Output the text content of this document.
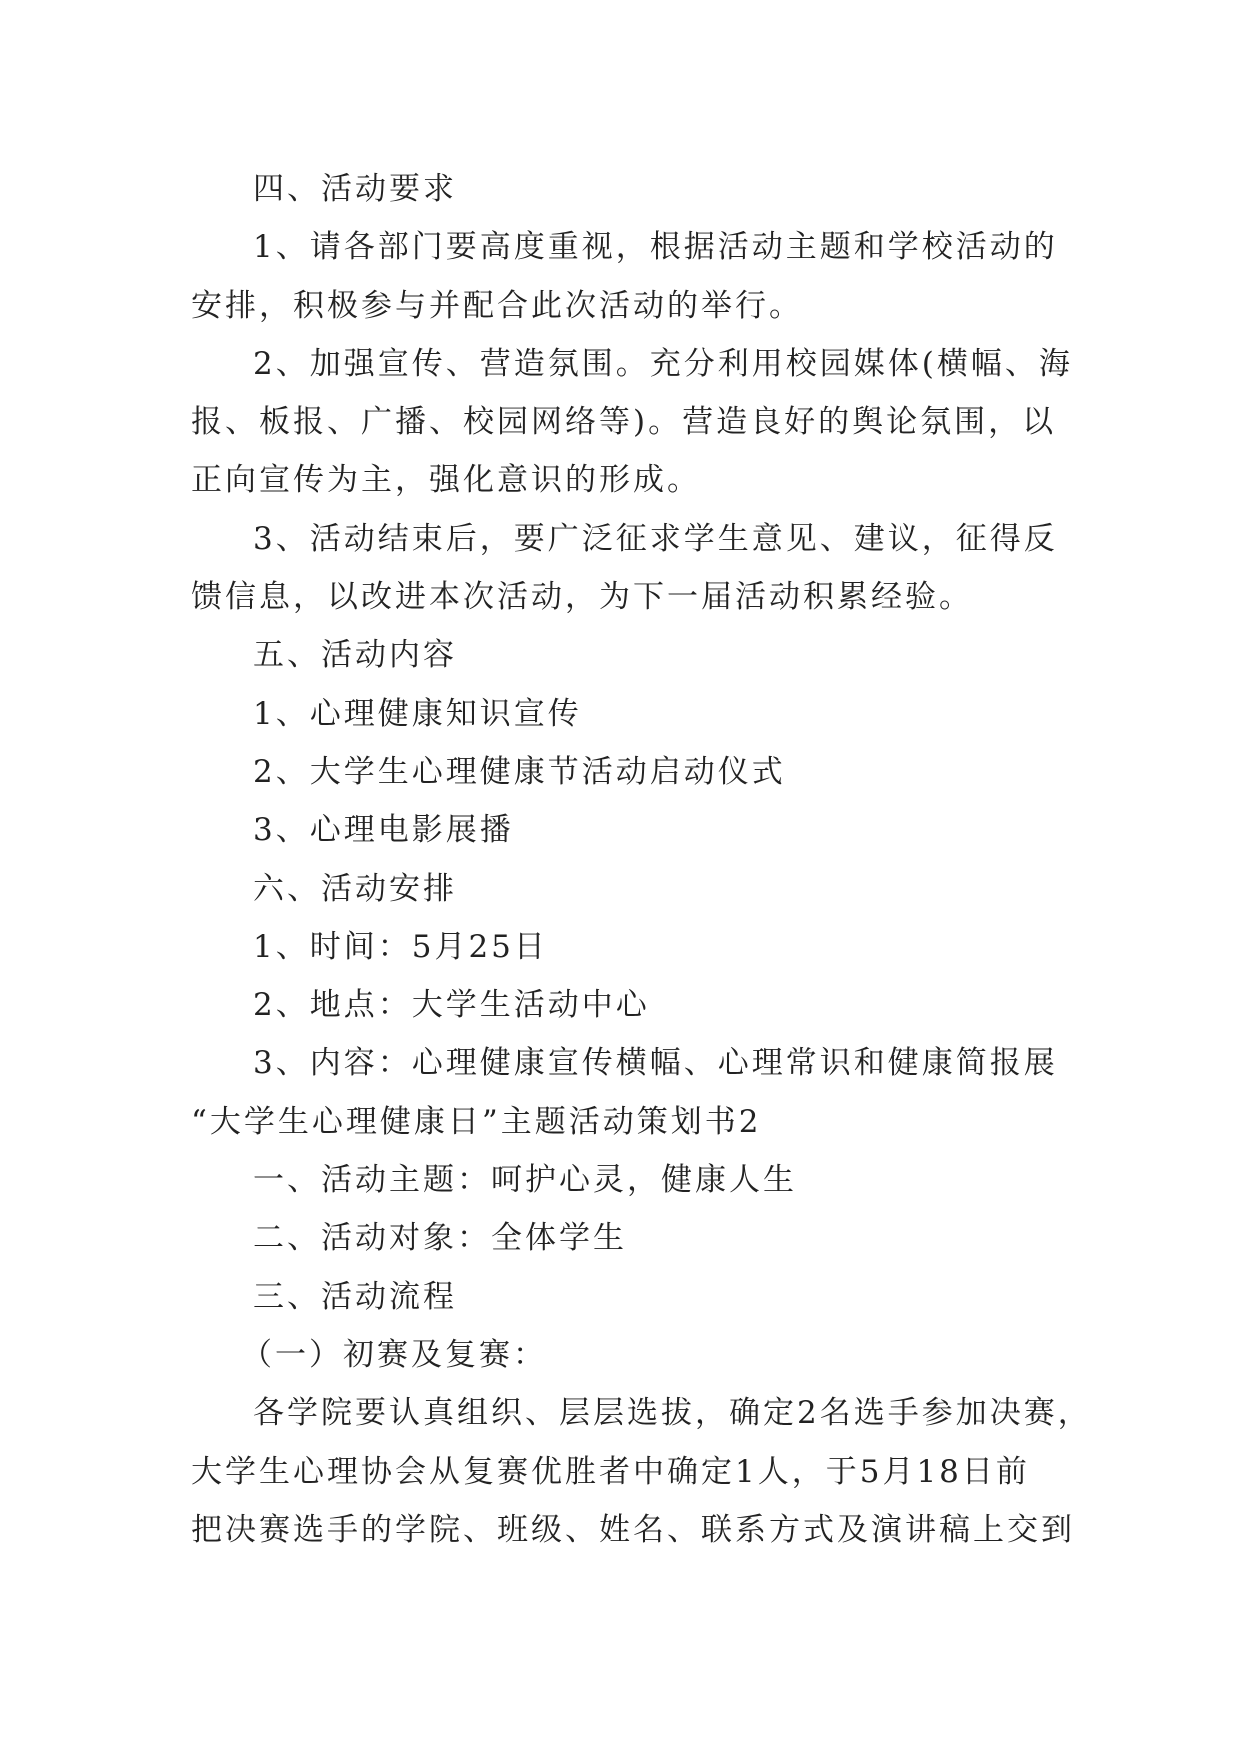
四、活动要求

1、请各部门要高度重视，根据活动主题和学校活动的

安排，积极参与并配合此次活动的举行。

2、加强宣传、营造氛围。充分利用校园媒体(横幅、海

报、板报、广播、校园网络等)。营造良好的舆论氛围，以

正向宣传为主，强化意识的形成。

3、活动结束后，要广泛征求学生意见、建议，征得反

馈信息，以改进本次活动，为下一届活动积累经验。

五、活动内容

1、心理健康知识宣传

2、大学生心理健康节活动启动仪式

3、心理电影展播

六、活动安排

1、时间：5月25日

2、地点：大学生活动中心

3、内容：心理健康宣传横幅、心理常识和健康简报展

“大学生心理健康日”主题活动策划书2

一、活动主题：呵护心灵，健康人生

二、活动对象：全体学生

三、活动流程

（一）初赛及复赛：

各学院要认真组织、层层选拔，确定2名选手参加决赛，

大学生心理协会从复赛优胜者中确定1人，于5月18日前

把决赛选手的学院、班级、姓名、联系方式及演讲稿上交到
